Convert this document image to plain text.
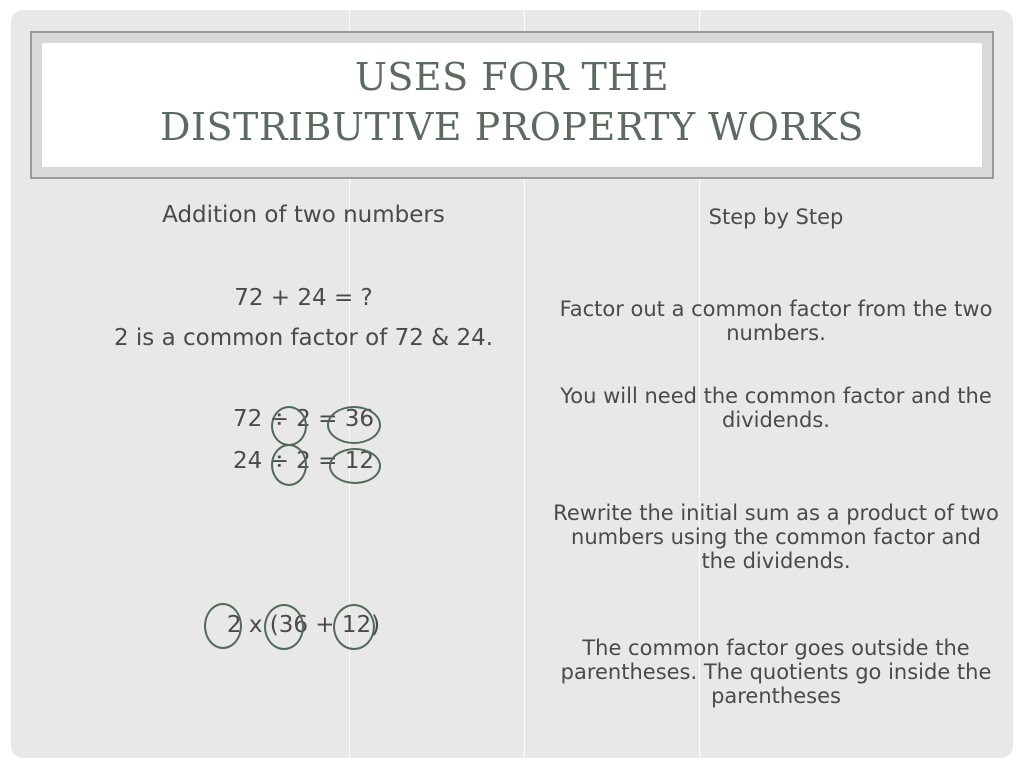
USES FOR THE
DISTRIBUTIVE PROPERTY WORKS
Addition of two numbers
72 + 24 = ?
2 is a common factor of 72 & 24.
72 ÷ 2 = 36
24 ÷ 2 = 12
2 x (36 + 12)
Step by Step
Factor out a common factor from the two numbers.
You will need the common factor and the dividends.
Rewrite the initial sum as a product of two numbers using the common factor and the dividends.
The common factor goes outside the parentheses. The quotients go inside the parentheses
